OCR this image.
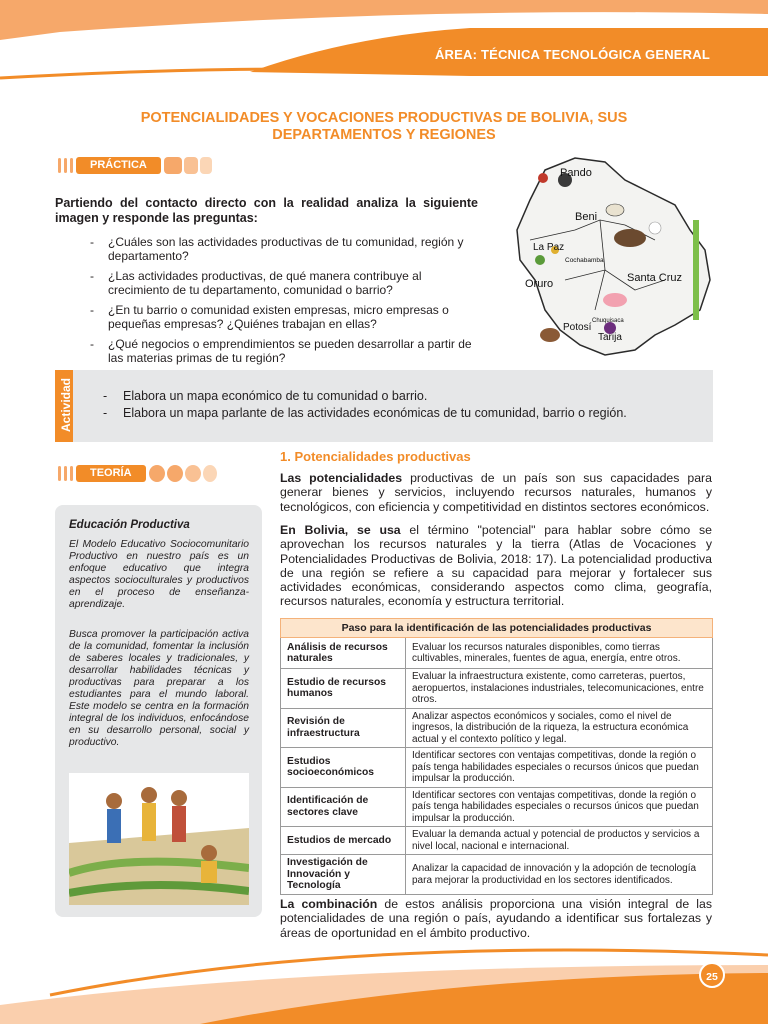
ÁREA: TÉCNICA TECNOLÓGICA GENERAL
POTENCIALIDADES Y VOCACIONES PRODUCTIVAS DE BOLIVIA, SUS DEPARTAMENTOS Y REGIONES
PRÁCTICA
Partiendo del contacto directo con la realidad analiza la siguiente imagen y responde las preguntas:
- ¿Cuáles son las actividades productivas de tu comunidad, región y departamento?
- ¿Las actividades productivas, de qué manera contribuye al crecimiento de tu departamento, comunidad o barrio?
- ¿En tu barrio o comunidad existen empresas, micro empresas o pequeñas empresas? ¿Quiénes trabajan en ellas?
- ¿Qué negocios o emprendimientos se pueden desarrollar a partir de las materias primas de tu región?
Pando
Beni
La Paz
Cochabamba
Oruro	Santa Cruz
Potosí
Chuquisaca
Tarija
Actividad	- Elabora un mapa económico de tu comunidad o barrio.
- Elabora un mapa parlante de las actividades económicas de tu comunidad, barrio o región.
TEORÍA
Educación Productiva
El Modelo Educativo Sociocomunitario Productivo en nuestro país es un enfoque educativo que integra aspectos socioculturales y productivos en el proceso de enseñanza-aprendizaje.
Busca promover la participación activa de la comunidad, fomentar la inclusión de saberes locales y tradicionales, y desarrollar habilidades técnicas y productivas para preparar a los estudiantes para el mundo laboral. Este modelo se centra en la formación integral de los individuos, enfocándose en su desarrollo personal, social y productivo.
1. Potencialidades productivas

Las potencialidades productivas de un país son sus capacidades para generar bienes y servicios, incluyendo recursos naturales, humanos y tecnológicos, con eficiencia y competitividad en distintos sectores económicos.

En Bolivia, se usa el término "potencial" para hablar sobre cómo se aprovechan los recursos naturales y la tierra (Atlas de Vocaciones y Potencialidades Productivas de Bolivia, 2018: 17). La potencialidad productiva de una región se refiere a su capacidad para mejorar y fortalecer sus actividades económicas, considerando aspectos como clima, geografía, recursos naturales, economía y estructura territorial.

Paso para la identificación de las potencialidades productivas	
Análisis de recursos naturales	Evaluar los recursos naturales disponibles, como tierras cultivables, minerales, fuentes de agua, energía, entre otros.
Estudio de recursos humanos	Evaluar la infraestructura existente, como carreteras, puertos, aeropuertos, instalaciones industriales, telecomunicaciones, entre otros.
Revisión de infraestructura	Analizar aspectos económicos y sociales, como el nivel de ingresos, la distribución de la riqueza, la estructura económica actual y el contexto político y legal.
Estudios socioeconómicos	Identificar sectores con ventajas competitivas, donde la región o país tenga habilidades especiales o recursos únicos que puedan impulsar la producción.
Identificación de sectores clave	Identificar sectores con ventajas competitivas, donde la región o país tenga habilidades especiales o recursos únicos que puedan impulsar la producción.
Estudios de mercado	Evaluar la demanda actual y potencial de productos y servicios a nivel local, nacional e internacional.
Investigación de Innovación y Tecnología	Analizar la capacidad de innovación y la adopción de tecnología para mejorar la productividad en los sectores identificados.

La combinación de estos análisis proporciona una visión integral de las potencialidades de una región o país, ayudando a identificar sus fortalezas y áreas de oportunidad en el ámbito productivo.

25
